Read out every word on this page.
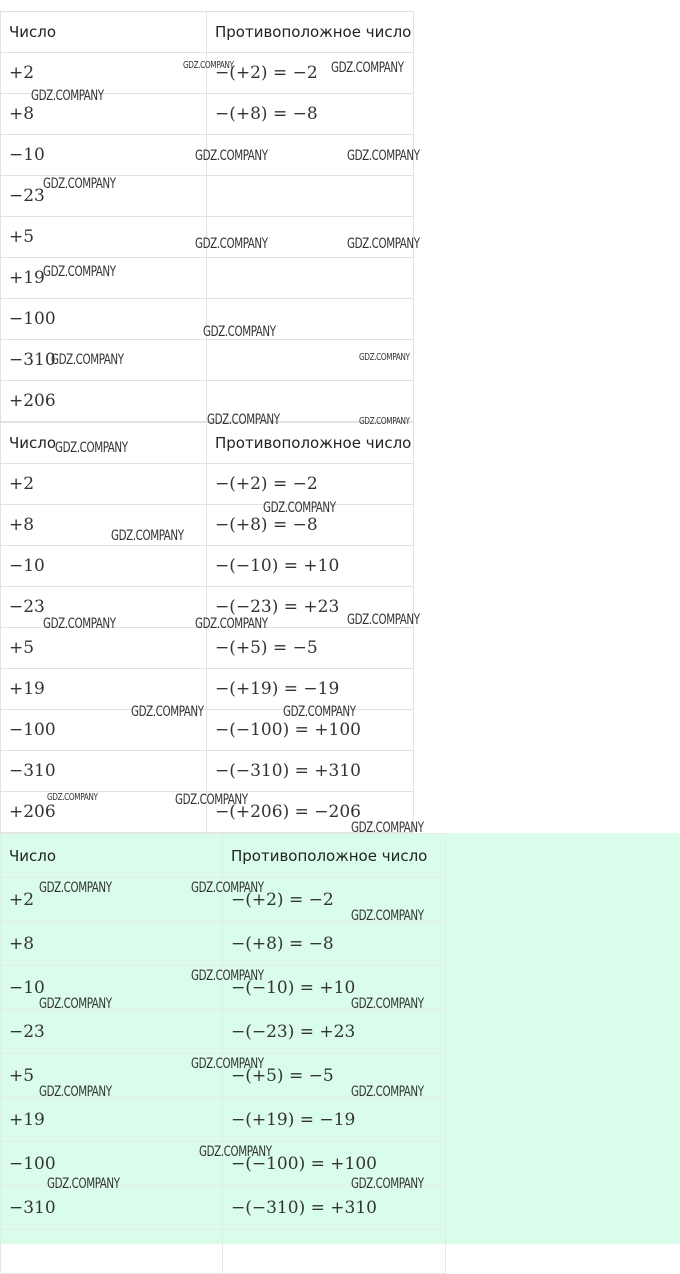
Число	Противоположное число
+2	−(+2) = −2
+8	−(+8) = −8
−10	
−23	
+5	
+19	
−100	
−310	
+206	
Число	Противоположное число
+2	−(+2) = −2
+8	−(+8) = −8
−10	−(−10) = +10
−23	−(−23) = +23
+5	−(+5) = −5
+19	−(+19) = −19
−100	−(−100) = +100
−310	−(−310) = +310
+206	−(+206) = −206
Число	Противоположное число
+2	−(+2) = −2
+8	−(+8) = −8
−10	−(−10) = +10
−23	−(−23) = +23
+5	−(+5) = −5
+19	−(+19) = −19
−100	−(−100) = +100
−310	−(−310) = +310

GDZ.COMPANY	GDZ.COMPANY
GDZ.COMPANY
GDZ.COMPANY	GDZ.COMPANY
GDZ.COMPANY
GDZ.COMPANY	GDZ.COMPANY
GDZ.COMPANY
GDZ.COMPANY
GDZ.COMPANY	GDZ.COMPANY
GDZ.COMPANY	GDZ.COMPANY
GDZ.COMPANY
GDZ.COMPANY
GDZ.COMPANY
GDZ.COMPANY	GDZ.COMPANY	GDZ.COMPANY
GDZ.COMPANY	GDZ.COMPANY
GDZ.COMPANY	GDZ.COMPANY
GDZ.COMPANY
GDZ.COMPANY	GDZ.COMPANY
GDZ.COMPANY
GDZ.COMPANY
GDZ.COMPANY	GDZ.COMPANY
GDZ.COMPANY
GDZ.COMPANY	GDZ.COMPANY
GDZ.COMPANY
GDZ.COMPANY	GDZ.COMPANY
